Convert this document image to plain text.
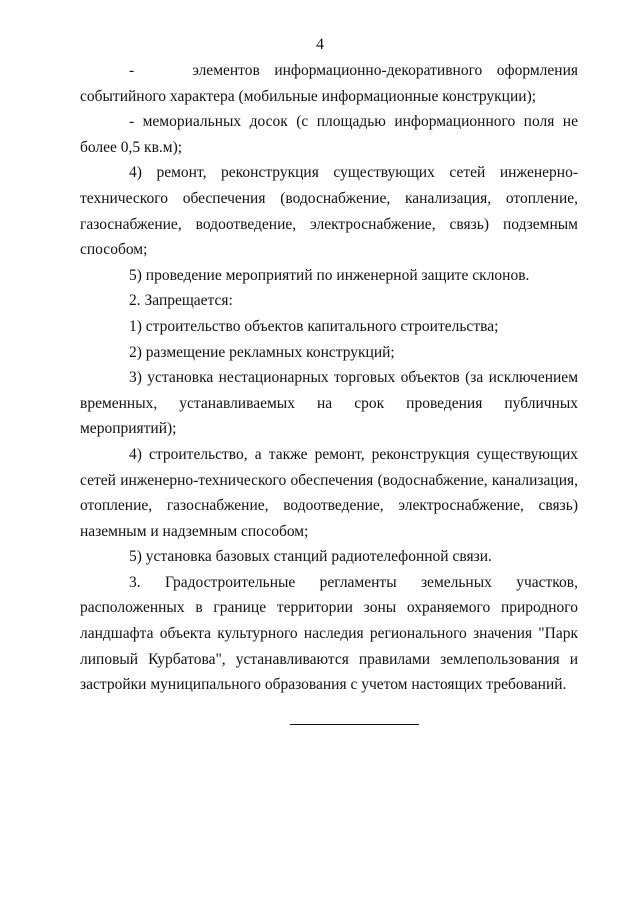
4

-    элементов информационно-декоративного оформления событийного характера (мобильные информационные конструкции);

- мемориальных досок (с площадью информационного поля не более 0,5 кв.м);

4) ремонт, реконструкция существующих сетей инженерно-технического обеспечения (водоснабжение, канализация, отопление, газоснабжение, водоотведение, электроснабжение, связь) подземным способом;

5) проведение мероприятий по инженерной защите склонов.

2. Запрещается:

1) строительство объектов капитального строительства;

2) размещение рекламных конструкций;

3) установка нестационарных торговых объектов (за исключением временных, устанавливаемых на срок проведения публичных мероприятий);

4) строительство, а также ремонт, реконструкция существующих сетей инженерно-технического обеспечения (водоснабжение, канализация, отопление, газоснабжение, водоотведение, электроснабжение, связь) наземным и надземным способом;

5) установка базовых станций радиотелефонной связи.

3. Градостроительные регламенты земельных участков, расположенных в границе территории зоны охраняемого природного ландшафта объекта культурного наследия регионального значения "Парк липовый Курбатова", устанавливаются правилами землепользования и застройки муниципального образования с учетом настоящих требований.
